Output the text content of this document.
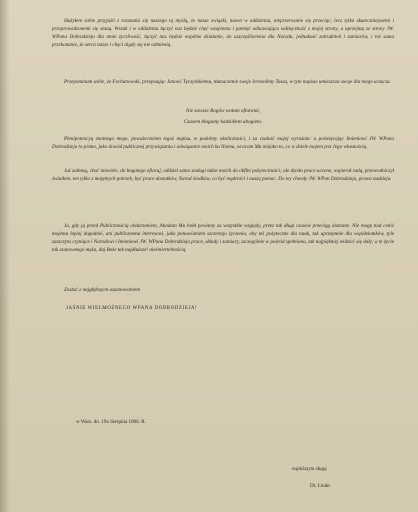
Służyłem sobie przyjaźń z rozstania się naszego tą myślą, że nasze związki, nawet w oddaleniu, nieprzerwanie się przeciąć, lecz tylko skuteczniejszemi i przeprowadzonemi się staną. Wszak i w oddaleniu łączyć nas będzie chęć wzajemna i pamięć odnawiająca wdzięczność z mojej strony, a uprzejmą ze strony JW. WPana Dobrodzieja dla mnie życzliwość, łączyć nas będzie wspólne działanie, do uszczęśliwienia dla Narodu, jednakość zatrudnień i zamiarów, i też sama przekonanie, że serca nasze i chęci nigdy się nie odmienią.

Przepominam sobie, że Fochanowski, przepisując Janowi Tęczyńskiemu, tłumaczenie swoje Jerozolimy Tassa, w tym napisie umieszcza swoje dla niego uczucia.

Nie zawsze Bogów wołam ofiarami,

Czasem błagamy kadzidłem ubogiem.

Plenipotencyą stannego mego, poważeczniem tegoż napisu, w podobny okoliczności, i za czułość mojej wyrażam: a poświęcając Imieniowi JW. WPana Dobrodzieja to pismo, jako dowód publicznej przywiązania i odwiązanie moich ku Niemu, wracam Mu niejako to, co w dziele mojem jest Jego własnością.

Już zatłoną, choć niewiele, do bogatego ofiaruj, oddziel samo zasługi także moich do obfite pożyteczności; ale dzieła prace uczone, wspierał radą, przewodniczył światłem, ten tylko z mojętnych potrzeb, być prace dostatków, Narod środków, co być mądrości i naszą pomoc. Do tey chwały JW. WPan Dobrodzieja, prawa nadzieja.

Ja, gdy ją przed Publicznością obdarzeniem, Abadam Mu hołd powinny za wszystkie względy, przez tak długi czasów przeciąg doznane. Nie mogę nad cenić mojemu lepiej dogodnié, ani publicznemu interesowi, jako ponawianiem szczerego życzenia, aby też pożyteczne dla nauk, tak uprzejmnie dla współziomków, tyle zaszczytu czyniące i Narodowi i Imieniowi JW. WPana Dobrodzieja prace, składy i zamiary, szczególnie w pośród spełniona, tak najpiękniej widzieć się dały; a te życie tak szanownego męża, daj Boże tak najdłuższe! nieśmiertelnością.

Zostać z najgłębszym uszanowaniem

JAŚNIE WIELMOŻNEGO WPANA DOBRODZIEJA!

w Wars. dn. 19o Sierpnia 1806. R.

najniższym sługą

Dr. Linde.
